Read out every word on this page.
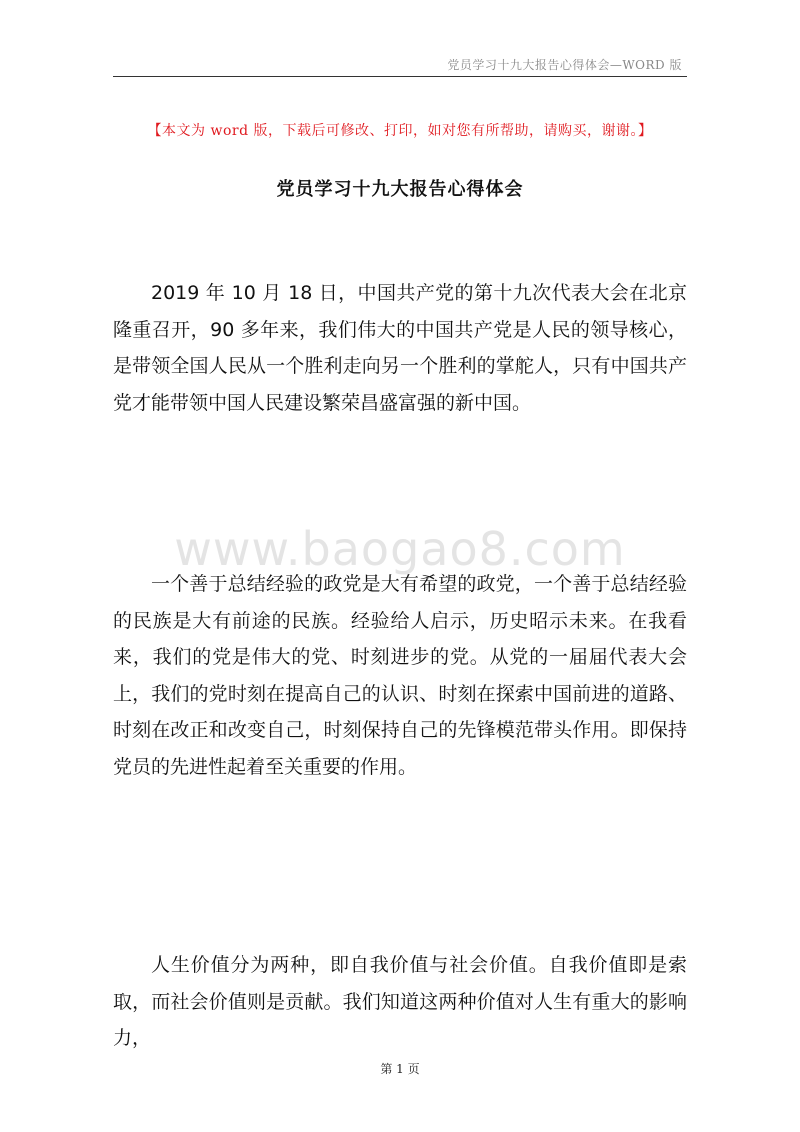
党员学习十九大报告心得体会—WORD 版
【本文为 word 版，下载后可修改、打印，如对您有所帮助，请购买，谢谢。】
党员学习十九大报告心得体会

2019 年 10 月 18 日，中国共产党的第十九次代表大会在北京隆重召开，90 多年来，我们伟大的中国共产党是人民的领导核心，是带领全国人民从一个胜利走向另一个胜利的掌舵人，只有中国共产党才能带领中国人民建设繁荣昌盛富强的新中国。

www.baogao8.com

一个善于总结经验的政党是大有希望的政党，一个善于总结经验的民族是大有前途的民族。经验给人启示，历史昭示未来。在我看来，我们的党是伟大的党、时刻进步的党。从党的一届届代表大会上，我们的党时刻在提高自己的认识、时刻在探索中国前进的道路、时刻在改正和改变自己，时刻保持自己的先锋模范带头作用。即保持党员的先进性起着至关重要的作用。

人生价值分为两种，即自我价值与社会价值。自我价值即是索取，而社会价值则是贡献。我们知道这两种价值对人生有重大的影响力，

第 1 页
